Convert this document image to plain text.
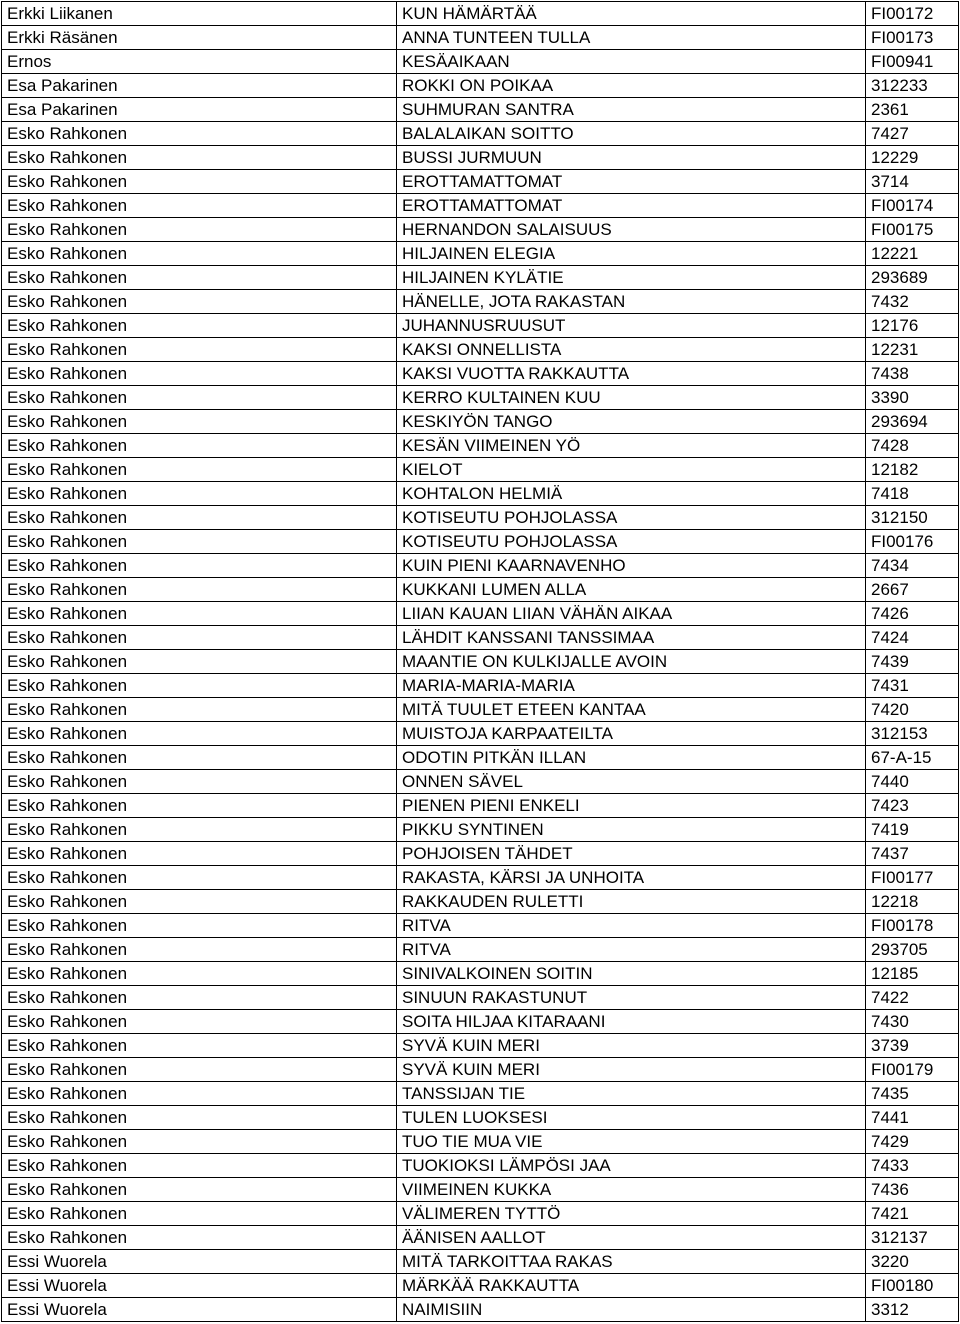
Erkki Liikanen	KUN HÄMÄRTÄÄ	FI00172
Erkki Räsänen	ANNA TUNTEEN TULLA	FI00173
Ernos	KESÄAIKAAN	FI00941
Esa Pakarinen	ROKKI ON POIKAA	312233
Esa Pakarinen	SUHMURAN SANTRA	2361
Esko Rahkonen	BALALAIKAN SOITTO	7427
Esko Rahkonen	BUSSI JURMUUN	12229
Esko Rahkonen	EROTTAMATTOMAT	3714
Esko Rahkonen	EROTTAMATTOMAT	FI00174
Esko Rahkonen	HERNANDON SALAISUUS	FI00175
Esko Rahkonen	HILJAINEN ELEGIA	12221
Esko Rahkonen	HILJAINEN KYLÄTIE	293689
Esko Rahkonen	HÄNELLE, JOTA RAKASTAN	7432
Esko Rahkonen	JUHANNUSRUUSUT	12176
Esko Rahkonen	KAKSI ONNELLISTA	12231
Esko Rahkonen	KAKSI VUOTTA RAKKAUTTA	7438
Esko Rahkonen	KERRO KULTAINEN KUU	3390
Esko Rahkonen	KESKIYÖN TANGO	293694
Esko Rahkonen	KESÄN VIIMEINEN YÖ	7428
Esko Rahkonen	KIELOT	12182
Esko Rahkonen	KOHTALON HELMIÄ	7418
Esko Rahkonen	KOTISEUTU POHJOLASSA	312150
Esko Rahkonen	KOTISEUTU POHJOLASSA	FI00176
Esko Rahkonen	KUIN PIENI KAARNAVENHO	7434
Esko Rahkonen	KUKKANI LUMEN ALLA	2667
Esko Rahkonen	LIIAN KAUAN LIIAN VÄHÄN AIKAA	7426
Esko Rahkonen	LÄHDIT KANSSANI TANSSIMAA	7424
Esko Rahkonen	MAANTIE ON KULKIJALLE AVOIN	7439
Esko Rahkonen	MARIA-MARIA-MARIA	7431
Esko Rahkonen	MITÄ TUULET ETEEN KANTAA	7420
Esko Rahkonen	MUISTOJA KARPAATEILTA	312153
Esko Rahkonen	ODOTIN PITKÄN ILLAN	67-A-15
Esko Rahkonen	ONNEN SÄVEL	7440
Esko Rahkonen	PIENEN PIENI ENKELI	7423
Esko Rahkonen	PIKKU SYNTINEN	7419
Esko Rahkonen	POHJOISEN TÄHDET	7437
Esko Rahkonen	RAKASTA, KÄRSI JA UNHOITA	FI00177
Esko Rahkonen	RAKKAUDEN RULETTI	12218
Esko Rahkonen	RITVA	FI00178
Esko Rahkonen	RITVA	293705
Esko Rahkonen	SINIVALKOINEN SOITIN	12185
Esko Rahkonen	SINUUN RAKASTUNUT	7422
Esko Rahkonen	SOITA HILJAA KITARAANI	7430
Esko Rahkonen	SYVÄ KUIN MERI	3739
Esko Rahkonen	SYVÄ KUIN MERI	FI00179
Esko Rahkonen	TANSSIJAN TIE	7435
Esko Rahkonen	TULEN LUOKSESI	7441
Esko Rahkonen	TUO TIE MUA VIE	7429
Esko Rahkonen	TUOKIOKSI LÄMPÖSI JAA	7433
Esko Rahkonen	VIIMEINEN KUKKA	7436
Esko Rahkonen	VÄLIMEREN TYTTÖ	7421
Esko Rahkonen	ÄÄNISEN AALLOT	312137
Essi Wuorela	MITÄ TARKOITTAA RAKAS	3220
Essi Wuorela	MÄRKÄÄ RAKKAUTTA	FI00180
Essi Wuorela	NAIMISIIN	3312
